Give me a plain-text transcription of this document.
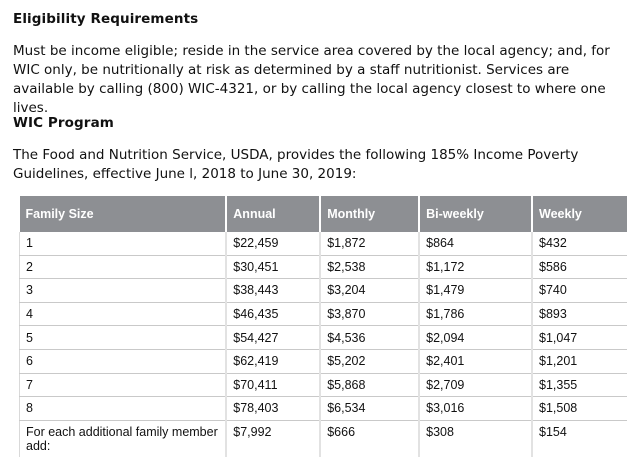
Eligibility Requirements

Must be income eligible; reside in the service area covered by the local agency; and, for WIC only, be nutritionally at risk as determined by a staff nutritionist. Services are available by calling (800) WIC-4321, or by calling the local agency closest to where one lives.

WIC Program

The Food and Nutrition Service, USDA, provides the following 185% Income Poverty Guidelines, effective June l, 2018 to June 30, 2019:

Family Size	Annual	Monthly	Bi-weekly	Weekly
1	$22,459	$1,872	$864	$432
2	$30,451	$2,538	$1,172	$586
3	$38,443	$3,204	$1,479	$740
4	$46,435	$3,870	$1,786	$893
5	$54,427	$4,536	$2,094	$1,047
6	$62,419	$5,202	$2,401	$1,201
7	$70,411	$5,868	$2,709	$1,355
8	$78,403	$6,534	$3,016	$1,508
For each additional family member add:	$7,992	$666	$308	$154
